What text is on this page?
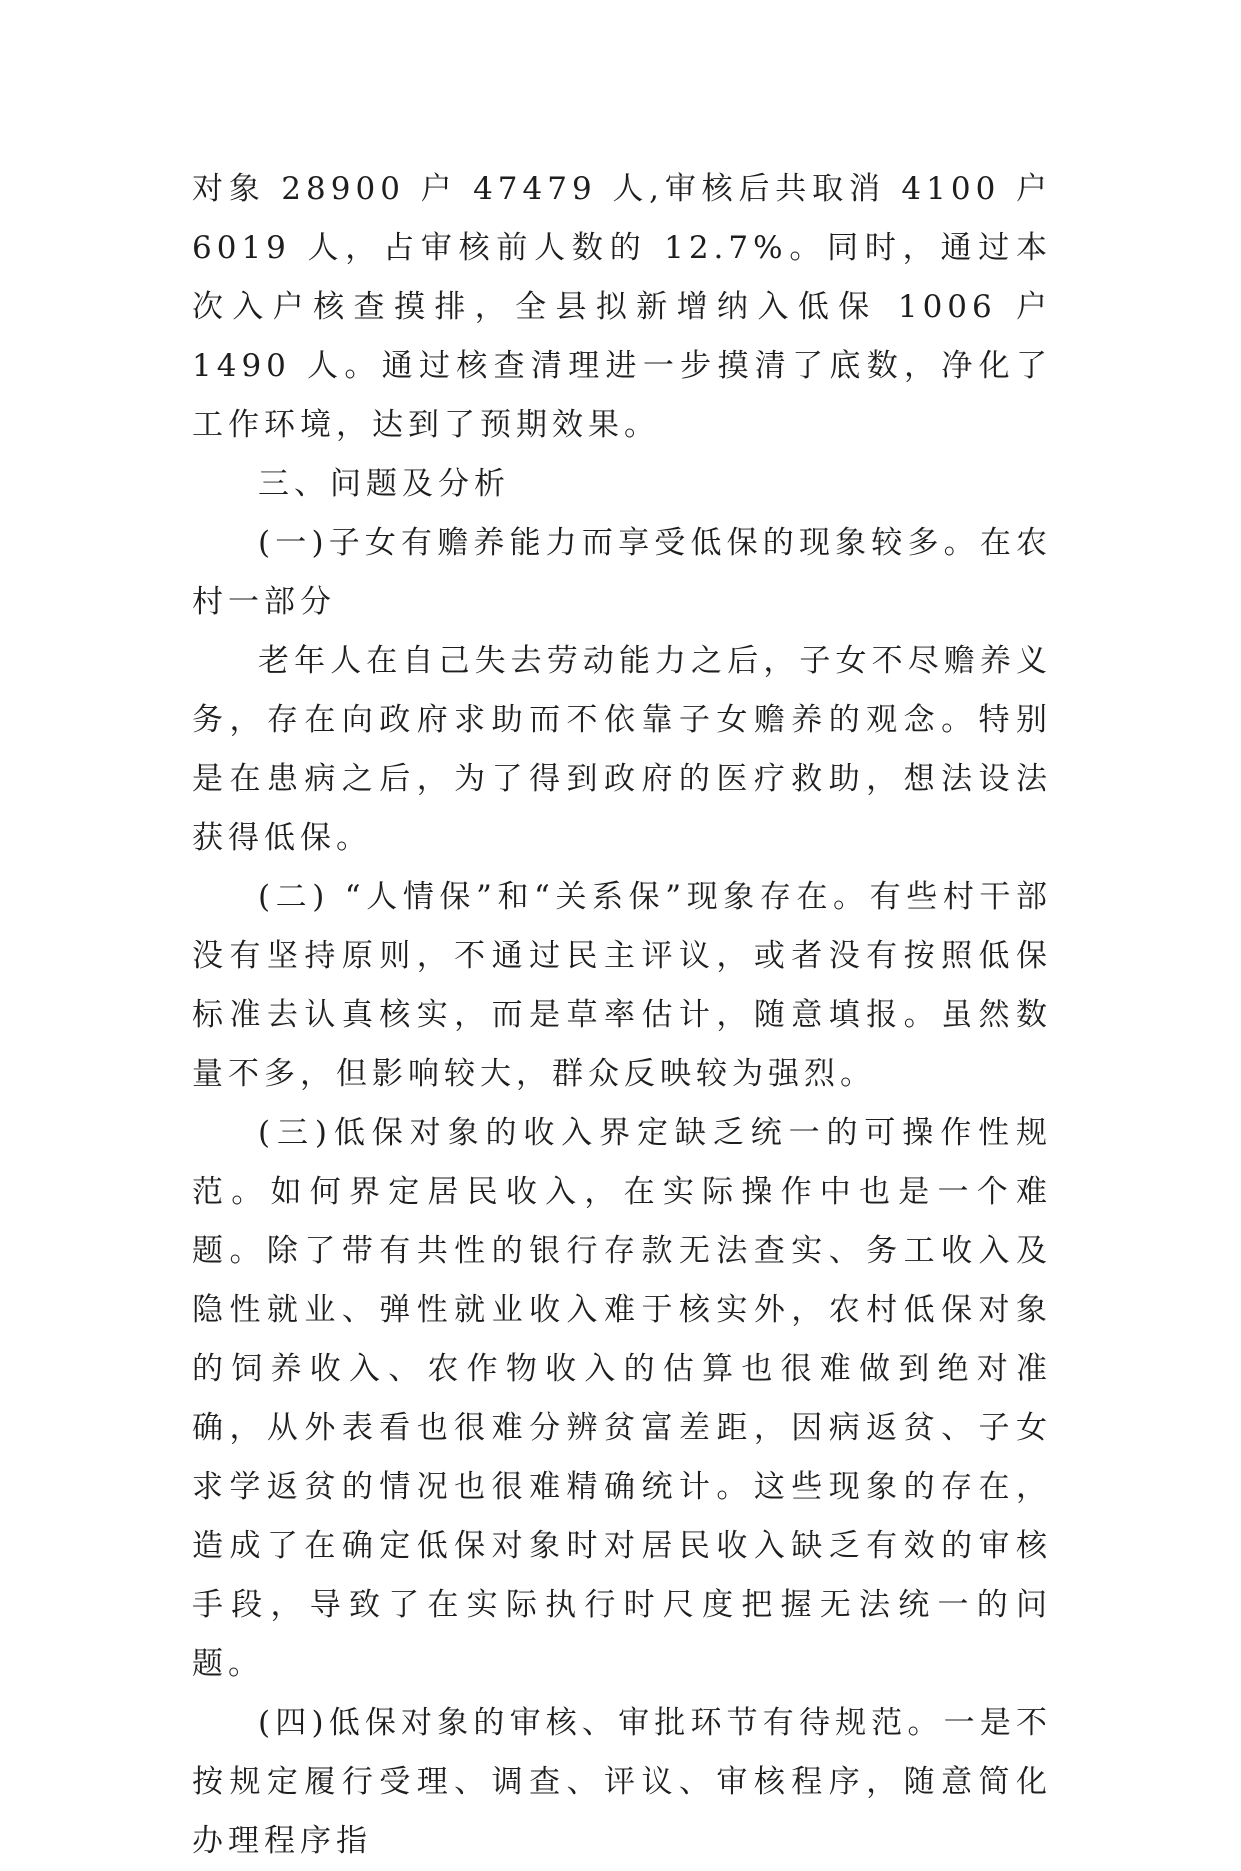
对象 28900 户 47479 人,审核后共取消 4100 户 6019 人，占审核前人数的 12.7%。同时，通过本次入户核查摸排，全县拟新增纳入低保 1006 户 1490 人。通过核查清理进一步摸清了底数，净化了工作环境，达到了预期效果。

三、问题及分析

(一)子女有赡养能力而享受低保的现象较多。在农村一部分

老年人在自己失去劳动能力之后，子女不尽赡养义务，存在向政府求助而不依靠子女赡养的观念。特别是在患病之后，为了得到政府的医疗救助，想法设法获得低保。

(二) “人情保”和“关系保”现象存在。有些村干部没有坚持原则，不通过民主评议，或者没有按照低保标准去认真核实，而是草率估计，随意填报。虽然数量不多，但影响较大，群众反映较为强烈。

(三)低保对象的收入界定缺乏统一的可操作性规范。如何界定居民收入，在实际操作中也是一个难题。除了带有共性的银行存款无法查实、务工收入及隐性就业、弹性就业收入难于核实外，农村低保对象的饲养收入、农作物收入的估算也很难做到绝对准确，从外表看也很难分辨贫富差距，因病返贫、子女求学返贫的情况也很难精确统计。这些现象的存在，造成了在确定低保对象时对居民收入缺乏有效的审核手段，导致了在实际执行时尺度把握无法统一的问题。

(四)低保对象的审核、审批环节有待规范。一是不按规定履行受理、调查、评议、审核程序，随意简化办理程序指
